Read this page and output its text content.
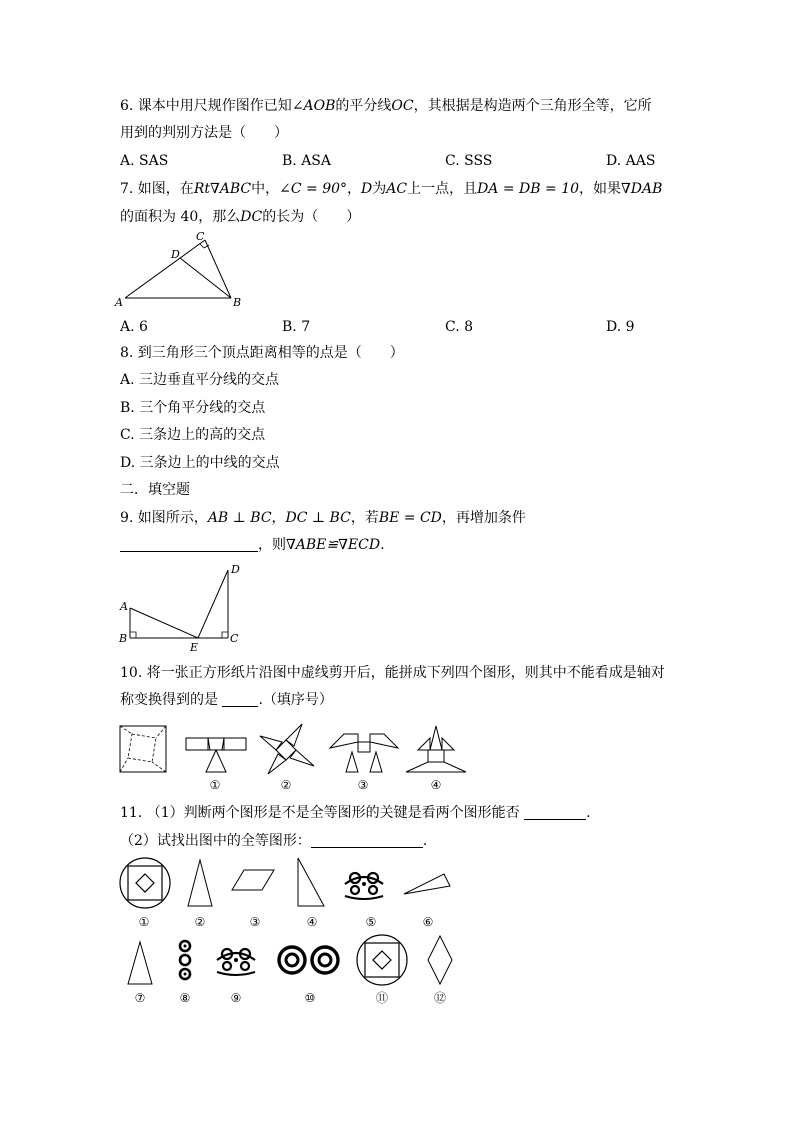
6. 课本中用尺规作图作已知∠AOB的平分线OC，其根据是构造两个三角形全等，它所
用到的判别方法是（　　）
A. SAS	B. ASA	C. SSS	D. AAS
7. 如图，在Rt∇ABC中，∠C = 90°，D为AC上一点，且DA = DB = 10，如果∇DAB
的面积为 40，那么DC的长为（　　）
A	B
C
D
A. 6	B. 7	C. 8	D. 9
8. 到三角形三个顶点距离相等的点是（　　）
A. 三边垂直平分线的交点
B. 三个角平分线的交点
C. 三条边上的高的交点
D. 三条边上的中线的交点
二．填空题
9. 如图所示，AB ⊥ BC，DC ⊥ BC，若BE = CD，再增加条件
，则∇ABE≌∇ECD.
A
B	C
D
E
10. 将一张正方形纸片沿图中虚线剪开后，能拼成下列四个图形，则其中不能看成是轴对
称变换得到的是	.（填序号）
①	②	③	④
11. （1）判断两个图形是不是全等图形的关键是看两个图形能否	.
（2）试找出图中的全等图形：	.
①	②	③	④	⑤	⑥
⑦	⑧	⑨	⑩	⑪	⑫
